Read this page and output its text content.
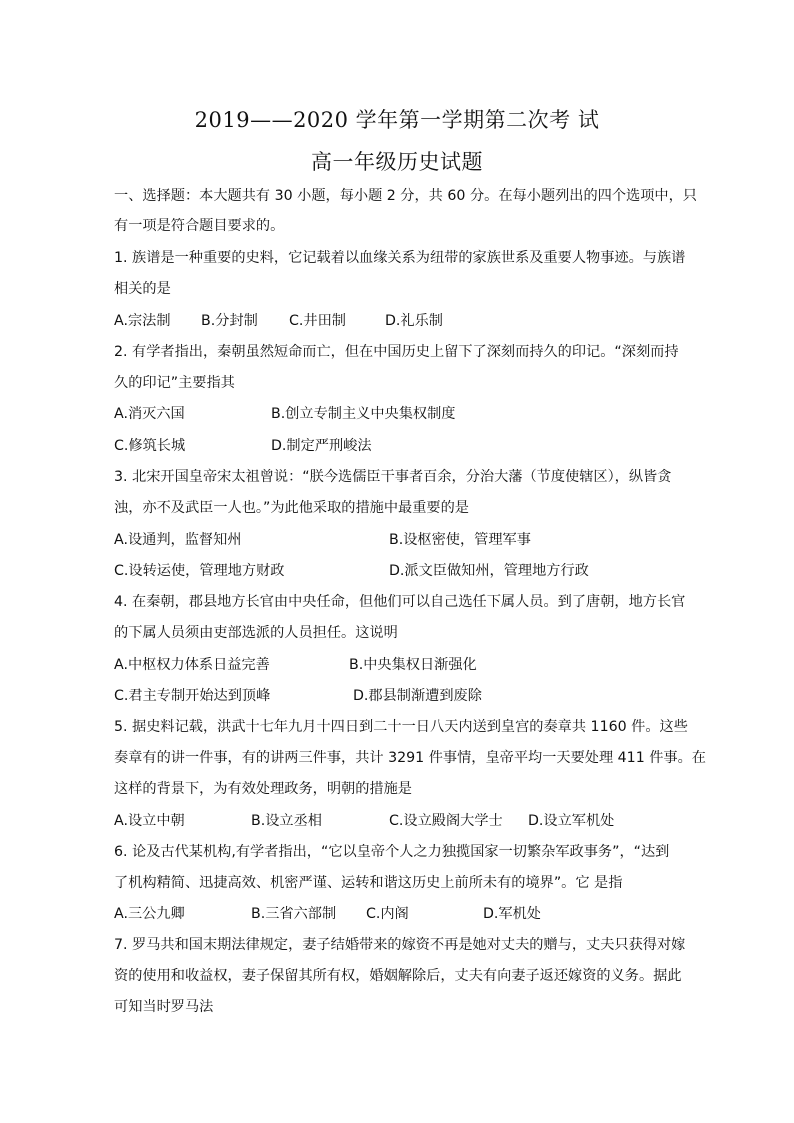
2019——2020 学年第一学期第二次考 试
高一年级历史试题
一、选择题：本大题共有 30 小题，每小题 2 分，共 60 分。在每小题列出的四个选项中，只
有一项是符合题目要求的。
1. 族谱是一种重要的史料，它记载着以血缘关系为纽带的家族世系及重要人物事迹。与族谱
相关的是
A.宗法制 B.分封制 C.井田制	D.礼乐制
2. 有学者指出，秦朝虽然短命而亡，但在中国历史上留下了深刻而持久的印记。“深刻而持
久的印记”主要指其
A.消灭六国	B.创立专制主义中央集权制度
C.修筑长城	D.制定严刑峻法
3. 北宋开国皇帝宋太祖曾说：“朕今选儒臣干事者百余，分治大藩（节度使辖区），纵皆贪
浊，亦不及武臣一人也。”为此他采取的措施中最重要的是
A.设通判，监督知州	B.设枢密使，管理军事
C.设转运使，管理地方财政	D.派文臣做知州，管理地方行政
4. 在秦朝，郡县地方长官由中央任命，但他们可以自己选任下属人员。到了唐朝，地方长官
的下属人员须由吏部选派的人员担任。这说明
A.中枢权力体系日益完善	B.中央集权日渐强化
C.君主专制开始达到顶峰	D.郡县制渐遭到废除
5. 据史料记载，洪武十七年九月十四日到二十一日八天内送到皇宫的奏章共 1160 件。这些
奏章有的讲一件事，有的讲两三件事，共计 3291 件事情，皇帝平均一天要处理 411 件事。在
这样的背景下，为有效处理政务，明朝的措施是
A.设立中朝	B.设立丞相	C.设立殿阁大学士 D.设立军机处
6. 论及古代某机构,有学者指出，“它以皇帝个人之力独揽国家一切繁杂军政事务”，“达到
了机构精简、迅捷高效、机密严谨、运转和谐这历史上前所未有的境界”。它 是指
A.三公九卿	B.三省六部制 C.内阁	D.军机处
7. 罗马共和国末期法律规定，妻子结婚带来的嫁资不再是她对丈夫的赠与，丈夫只获得对嫁
资的使用和收益权，妻子保留其所有权，婚姻解除后，丈夫有向妻子返还嫁资的义务。据此
可知当时罗马法
